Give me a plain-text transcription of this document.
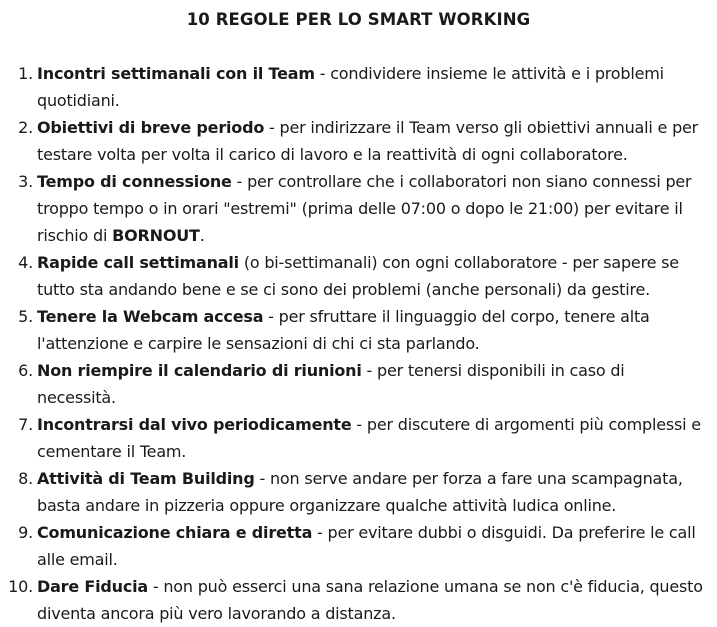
10 REGOLE PER LO SMART WORKING
1. Incontri settimanali con il Team - condividere insieme le attività e i problemi quotidiani.
2. Obiettivi di breve periodo - per indirizzare il Team verso gli obiettivi annuali e per testare volta per volta il carico di lavoro e la reattività di ogni collaboratore.
3. Tempo di connessione - per controllare che i collaboratori non siano connessi per troppo tempo o in orari "estremi" (prima delle 07:00 o dopo le 21:00) per evitare il rischio di BORNOUT.
4. Rapide call settimanali (o bi-settimanali) con ogni collaboratore - per sapere se tutto sta andando bene e se ci sono dei problemi (anche personali) da gestire.
5. Tenere la Webcam accesa - per sfruttare il linguaggio del corpo, tenere alta l'attenzione e carpire le sensazioni di chi ci sta parlando.
6. Non riempire il calendario di riunioni - per tenersi disponibili in caso di necessità.
7. Incontrarsi dal vivo periodicamente - per discutere di argomenti più complessi e cementare il Team.
8. Attività di Team Building - non serve andare per forza a fare una scampagnata, basta andare in pizzeria oppure organizzare qualche attività ludica online.
9. Comunicazione chiara e diretta - per evitare dubbi o disguidi. Da preferire le call alle email.
10. Dare Fiducia - non può esserci una sana relazione umana se non c'è fiducia, questo diventa ancora più vero lavorando a distanza.
